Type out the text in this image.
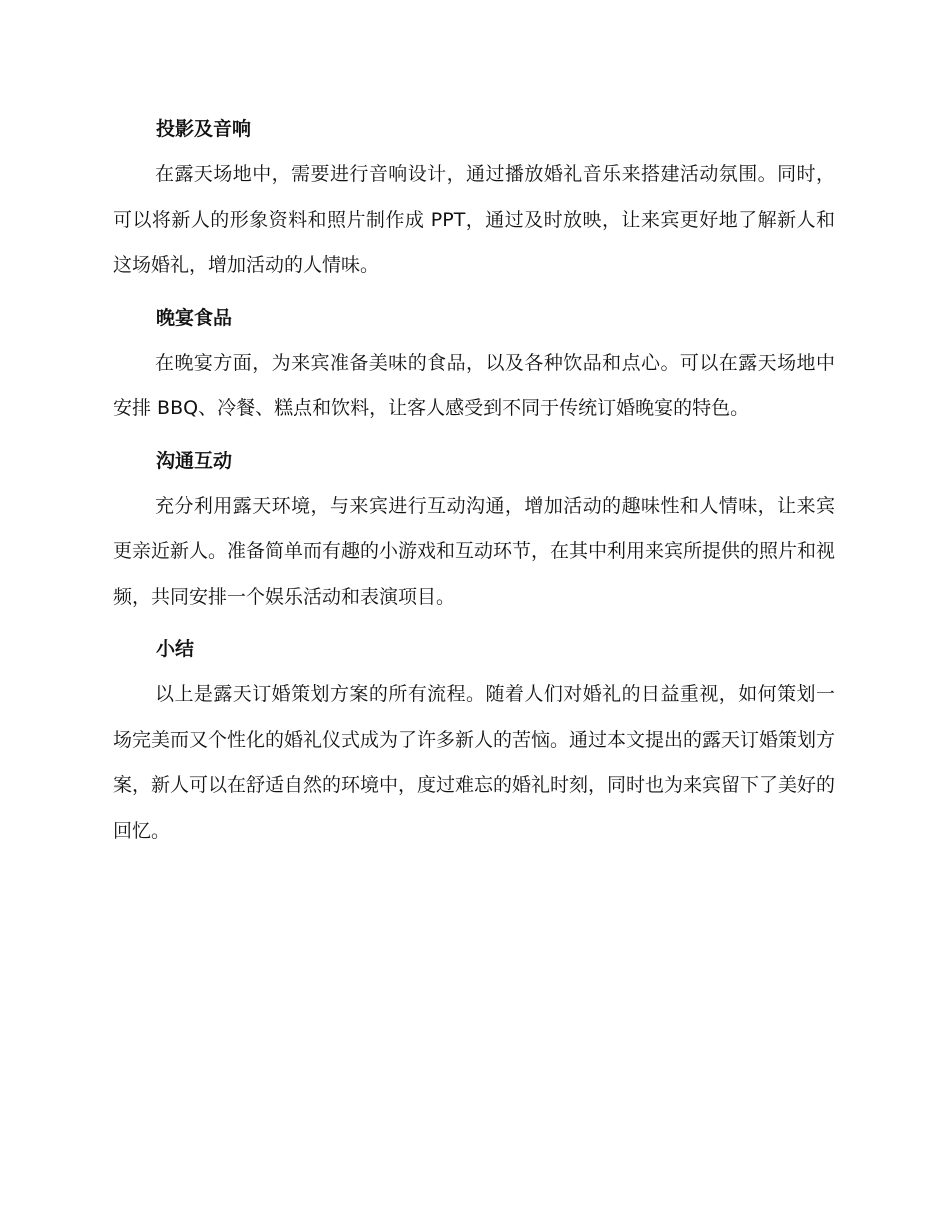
投影及音响

在露天场地中，需要进行音响设计，通过播放婚礼音乐来搭建活动氛围。同时，可以将新人的形象资料和照片制作成 PPT，通过及时放映，让来宾更好地了解新人和这场婚礼，增加活动的人情味。

晚宴食品

在晚宴方面，为来宾准备美味的食品，以及各种饮品和点心。可以在露天场地中安排 BBQ、冷餐、糕点和饮料，让客人感受到不同于传统订婚晚宴的特色。

沟通互动

充分利用露天环境，与来宾进行互动沟通，增加活动的趣味性和人情味，让来宾更亲近新人。准备简单而有趣的小游戏和互动环节，在其中利用来宾所提供的照片和视频，共同安排一个娱乐活动和表演项目。

小结

以上是露天订婚策划方案的所有流程。随着人们对婚礼的日益重视，如何策划一场完美而又个性化的婚礼仪式成为了许多新人的苦恼。通过本文提出的露天订婚策划方案，新人可以在舒适自然的环境中，度过难忘的婚礼时刻，同时也为来宾留下了美好的回忆。
